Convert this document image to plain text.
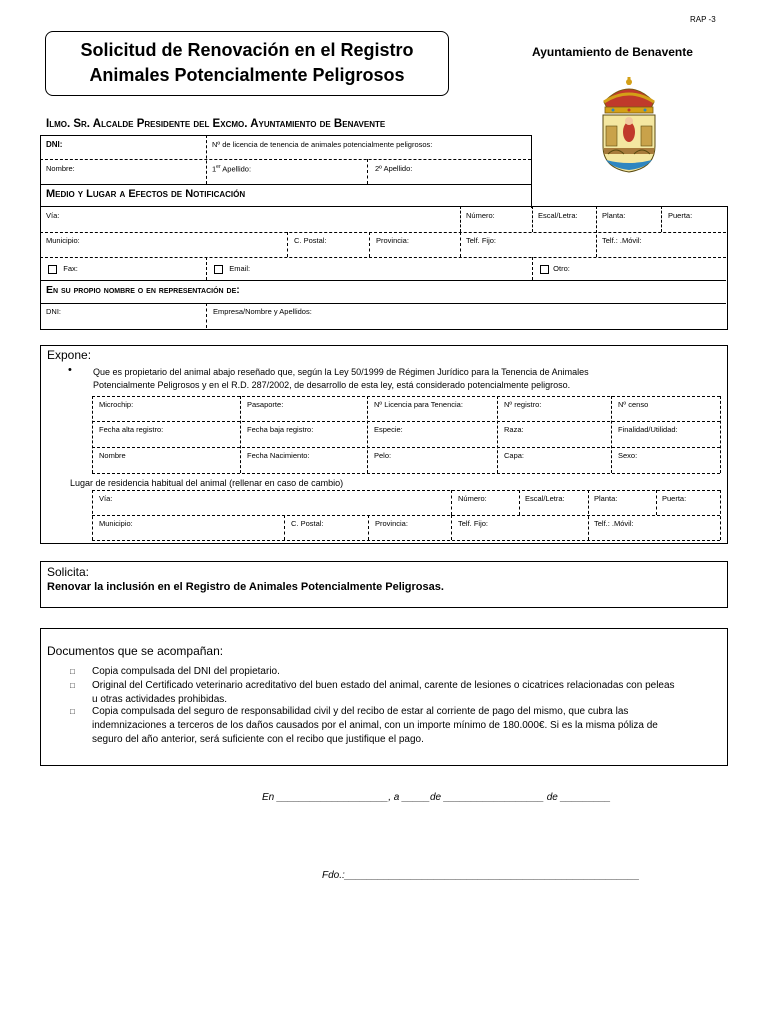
RAP -3
Solicitud de Renovación en el Registro
Animales Potencialmente Peligrosos
Ayuntamiento de Benavente
Ilmo. Sr. Alcalde Presidente del Excmo. Ayuntamiento de Benavente
DNI:	Nº de licencia de tenencia de animales potencialmente peligrosos:
Nombre:	1er Apellido:	2º Apellido:
Medio y Lugar a Efectos de Notificación
Vía:	Número:	Escal/Letra:	Planta:	Puerta:
Municipio:	C. Postal:	Provincia:	Telf. Fijo:	Telf.: .Móvil:
Fax:	Email:	Otro:
En su propio nombre o en representación de:
DNI:	Empresa/Nombre y Apellidos:
Expone:
• Que es propietario del animal abajo reseñado que, según la Ley 50/1999 de Régimen Jurídico para la Tenencia de Animales
Potencialmente Peligrosos y en el R.D. 287/2002, de desarrollo de esta ley, está considerado potencialmente peligroso.
Microchip:	Pasaporte:	Nº Licencia para Tenencia:	Nº registro:	Nº censo
Fecha alta registro:	Fecha baja registro:	Especie:	Raza:	Finalidad/Utilidad:
Nombre	Fecha Nacimiento:	Pelo:	Capa:	Sexo:
Lugar de residencia habitual del animal (rellenar en caso de cambio)
Vía:	Número:	Escal/Letra:	Planta:	Puerta:
Municipio:	C. Postal:	Provincia:	Telf. Fijo:	Telf.: .Móvil:
Solicita:
Renovar la inclusión en el Registro de Animales Potencialmente Peligrosas.
Documentos que se acompañan:
□ Copia compulsada del DNI del propietario.
□ Original del Certificado veterinario acreditativo del buen estado del animal, carente de lesiones o cicatrices relacionadas con peleas
u otras actividades prohibidas.
□ Copia compulsada del seguro de responsabilidad civil y del recibo de estar al corriente de pago del mismo, que cubra las
indemnizaciones a terceros de los daños causados por el animal, con un importe mínimo de 180.000€. Si es la misma póliza de
seguro del año anterior, será suficiente con el recibo que justifique el pago.
En ____________________, a _____de __________________ de _________
Fdo.:_____________________________________________________
